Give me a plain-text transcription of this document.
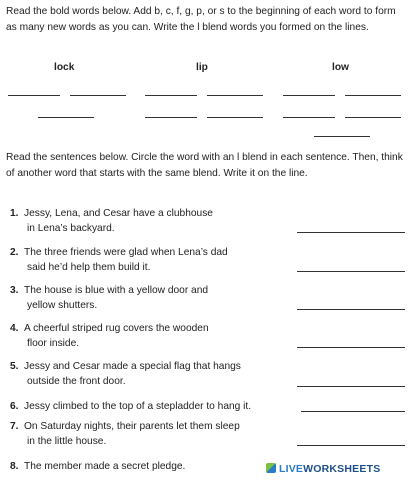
Read the bold words below. Add b, c, f, g, p, or s to the beginning of each word to form as many new words as you can. Write the l blend words you formed on the lines.

lock	lip	low

Read the sentences below. Circle the word with an l blend in each sentence. Then, think of another word that starts with the same blend. Write it on the line.

1. Jessy, Lena, and Cesar have a clubhouse
in Lena’s backyard.
2. The three friends were glad when Lena’s dad
said he’d help them build it.
3. The house is blue with a yellow door and
yellow shutters.
4. A cheerful striped rug covers the wooden
floor inside.
5. Jessy and Cesar made a special flag that hangs
outside the front door.
6. Jessy climbed to the top of a stepladder to hang it.
7. On Saturday nights, their parents let them sleep
in the little house.
8. The member made a secret pledge.	LIVEWORKSHEETS
